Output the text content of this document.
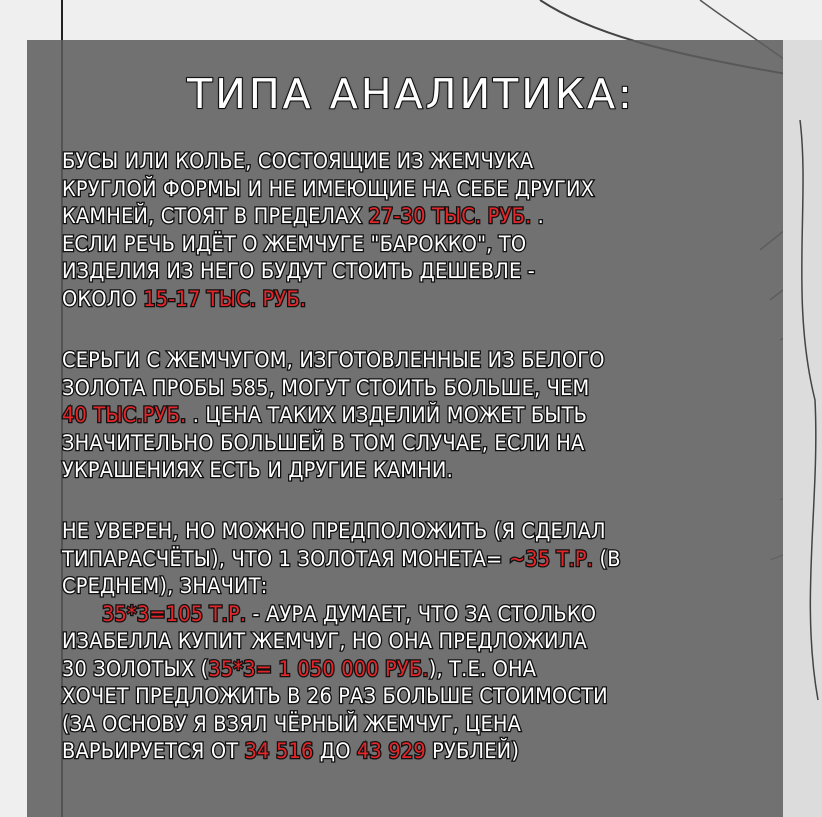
ТИПА АНАЛИТИКА:
БУСЫ ИЛИ КОЛЬЕ, СОСТОЯЩИЕ ИЗ ЖЕМЧУКА
КРУГЛОЙ ФОРМЫ И НЕ ИМЕЮЩИЕ НА СЕБЕ ДРУГИХ
КАМНЕЙ, СТОЯТ В ПРЕДЕЛАХ 27-30 ТЫС. РУБ. .
ЕСЛИ РЕЧЬ ИДЁТ О ЖЕМЧУГЕ "БАРОККО", ТО
ИЗДЕЛИЯ ИЗ НЕГО БУДУТ СТОИТЬ ДЕШЕВЛЕ -
ОКОЛО 15-17 ТЫС. РУБ.
СЕРЬГИ С ЖЕМЧУГОМ, ИЗГОТОВЛЕННЫЕ ИЗ БЕЛОГО
ЗОЛОТА ПРОБЫ 585, МОГУТ СТОИТЬ БОЛЬШЕ, ЧЕМ
40 ТЫС.РУБ. . ЦЕНА ТАКИХ ИЗДЕЛИЙ МОЖЕТ БЫТЬ
ЗНАЧИТЕЛЬНО БОЛЬШЕЙ В ТОМ СЛУЧАЕ, ЕСЛИ НА
УКРАШЕНИЯХ ЕСТЬ И ДРУГИЕ КАМНИ.
НЕ УВЕРЕН, НО МОЖНО ПРЕДПОЛОЖИТЬ (Я СДЕЛАЛ
ТИПАРАСЧЁТЫ), ЧТО 1 ЗОЛОТАЯ МОНЕТА= ~35 Т.Р. (В
СРЕДНЕМ), ЗНАЧИТ:
35*3=105 Т.Р. - АУРА ДУМАЕТ, ЧТО ЗА СТОЛЬКО
ИЗАБЕЛЛА КУПИТ ЖЕМЧУГ, НО ОНА ПРЕДЛОЖИЛА
30 ЗОЛОТЫХ (35*3= 1 050 000 РУБ.), Т.Е. ОНА
ХОЧЕТ ПРЕДЛОЖИТЬ В 26 РАЗ БОЛЬШЕ СТОИМОСТИ
(ЗА ОСНОВУ Я ВЗЯЛ ЧЁРНЫЙ ЖЕМЧУГ, ЦЕНА
ВАРЬИРУЕТСЯ ОТ 34 516 ДО 43 929 РУБЛЕЙ)
